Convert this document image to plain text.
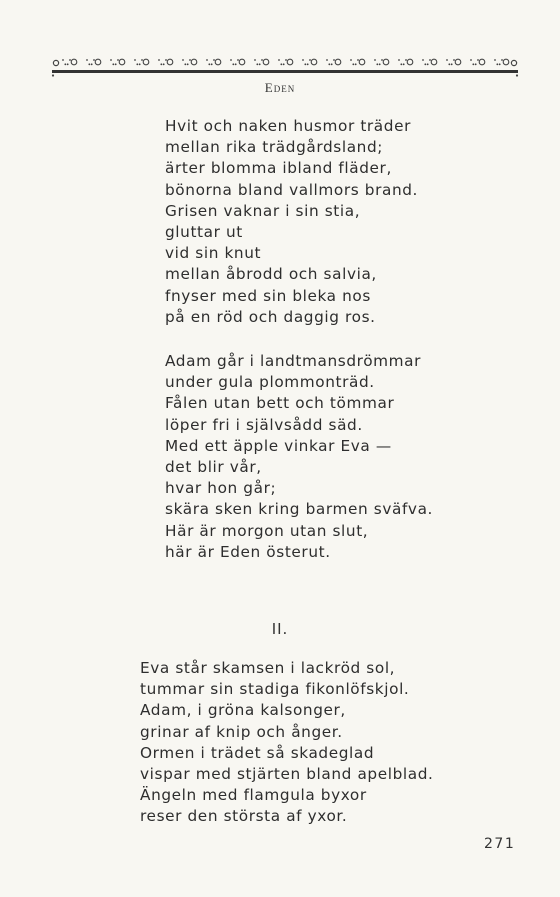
Eden
Hvit och naken husmor träder
mellan rika trädgårdsland;
ärter blomma ibland fläder,
bönorna bland vallmors brand.
Grisen vaknar i sin stia,
gluttar ut
vid sin knut
mellan åbrodd och salvia,
fnyser med sin bleka nos
på en röd och daggig ros.
Adam går i landtmansdrömmar
under gula plommonträd.
Fålen utan bett och tömmar
löper fri i självsådd säd.
Med ett äpple vinkar Eva —
det blir vår,
hvar hon går;
skära sken kring barmen sväfva.
Här är morgon utan slut,
här är Eden österut.
II.
Eva står skamsen i lackröd sol,
tummar sin stadiga fikonlöfskjol.
Adam, i gröna kalsonger,
grinar af knip och ånger.
Ormen i trädet så skadeglad
vispar med stjärten bland apelblad.
Ängeln med flamgula byxor
reser den största af yxor.
271
